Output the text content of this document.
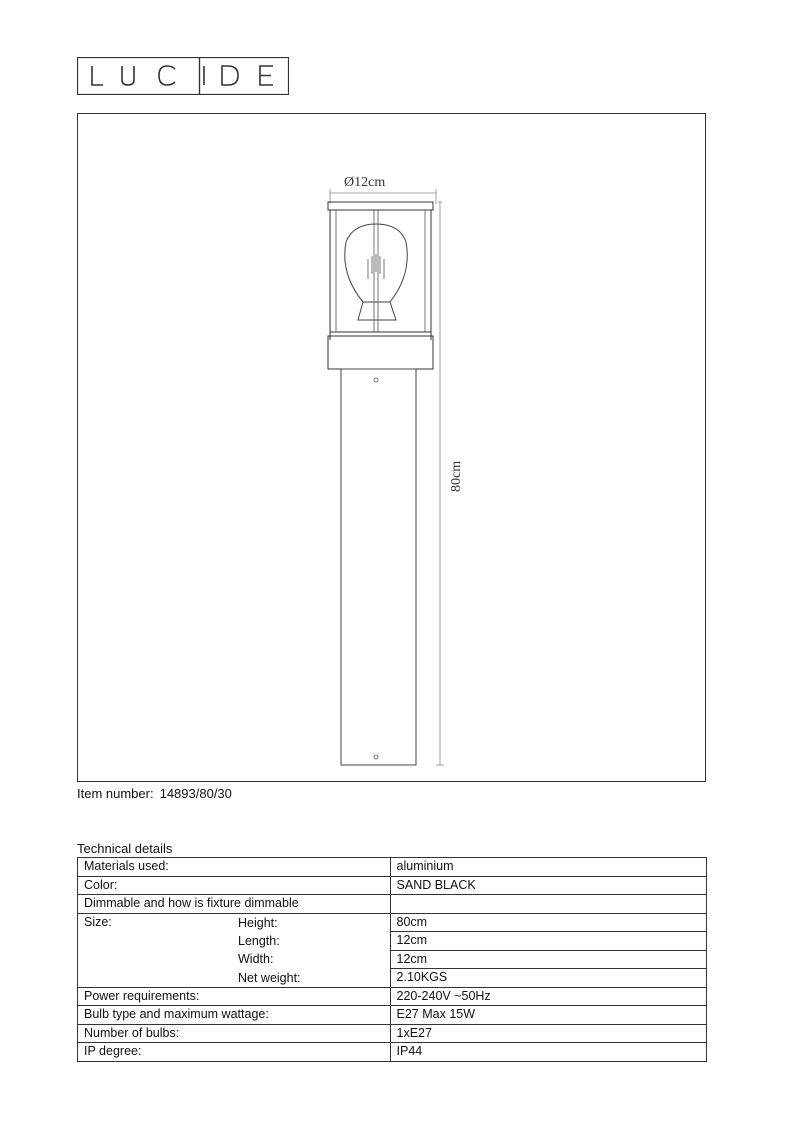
Ø12cm
80cm
Item number: 14893/80/30
Technical details
Materials used:	aluminium
Color:	SAND BLACK
Dimmable and how is fixture dimmable	
Size: Height:	80cm

Length:	12cm

Width:	12cm

Net weight:	2.10KGS
Power requirements:	220-240V ~50Hz
Bulb type and maximum wattage:	E27 Max 15W
Number of bulbs:	1xE27
IP degree:	IP44
